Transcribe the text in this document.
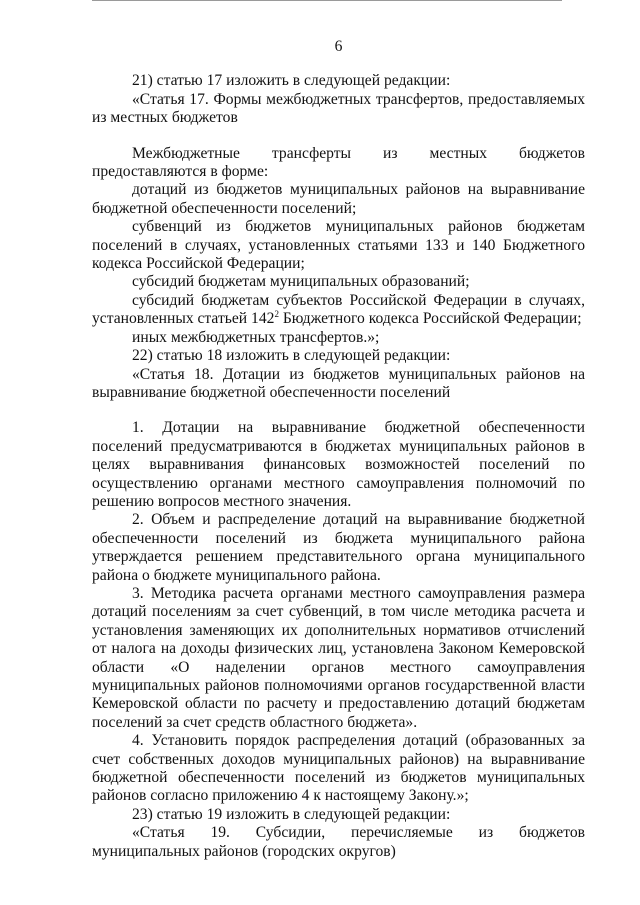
6

21) статью 17 изложить в следующей редакции:

«Статья 17. Формы межбюджетных трансфертов, предоставляемых из местных бюджетов

Межбюджетные трансферты из местных бюджетов предоставляются в форме:

дотаций из бюджетов муниципальных районов на выравнивание бюджетной обеспеченности поселений;

субвенций из бюджетов муниципальных районов бюджетам поселений в случаях, установленных статьями 133 и 140 Бюджетного кодекса Российской Федерации;

субсидий бюджетам муниципальных образований;

субсидий бюджетам субъектов Российской Федерации в случаях, установленных статьей $142^2$ Бюджетного кодекса Российской Федерации;

иных межбюджетных трансфертов.»;

22) статью 18 изложить в следующей редакции:

«Статья 18. Дотации из бюджетов муниципальных районов на выравнивание бюджетной обеспеченности поселений

1. Дотации на выравнивание бюджетной обеспеченности поселений предусматриваются в бюджетах муниципальных районов в целях выравнивания финансовых возможностей поселений по осуществлению органами местного самоуправления полномочий по решению вопросов местного значения.

2. Объем и распределение дотаций на выравнивание бюджетной обеспеченности поселений из бюджета муниципального района утверждается решением представительного органа муниципального района о бюджете муниципального района.

3. Методика расчета органами местного самоуправления размера дотаций поселениям за счет субвенций, в том числе методика расчета и установления заменяющих их дополнительных нормативов отчислений от налога на доходы физических лиц, установлена Законом Кемеровской области «О наделении органов местного самоуправления муниципальных районов полномочиями органов государственной власти Кемеровской области по расчету и предоставлению дотаций бюджетам поселений за счет средств областного бюджета».

4. Установить порядок распределения дотаций (образованных за счет собственных доходов муниципальных районов) на выравнивание бюджетной обеспеченности поселений из бюджетов муниципальных районов согласно приложению 4 к настоящему Закону.»;

23) статью 19 изложить в следующей редакции:

«Статья 19. Субсидии, перечисляемые из бюджетов муниципальных районов (городских округов)
